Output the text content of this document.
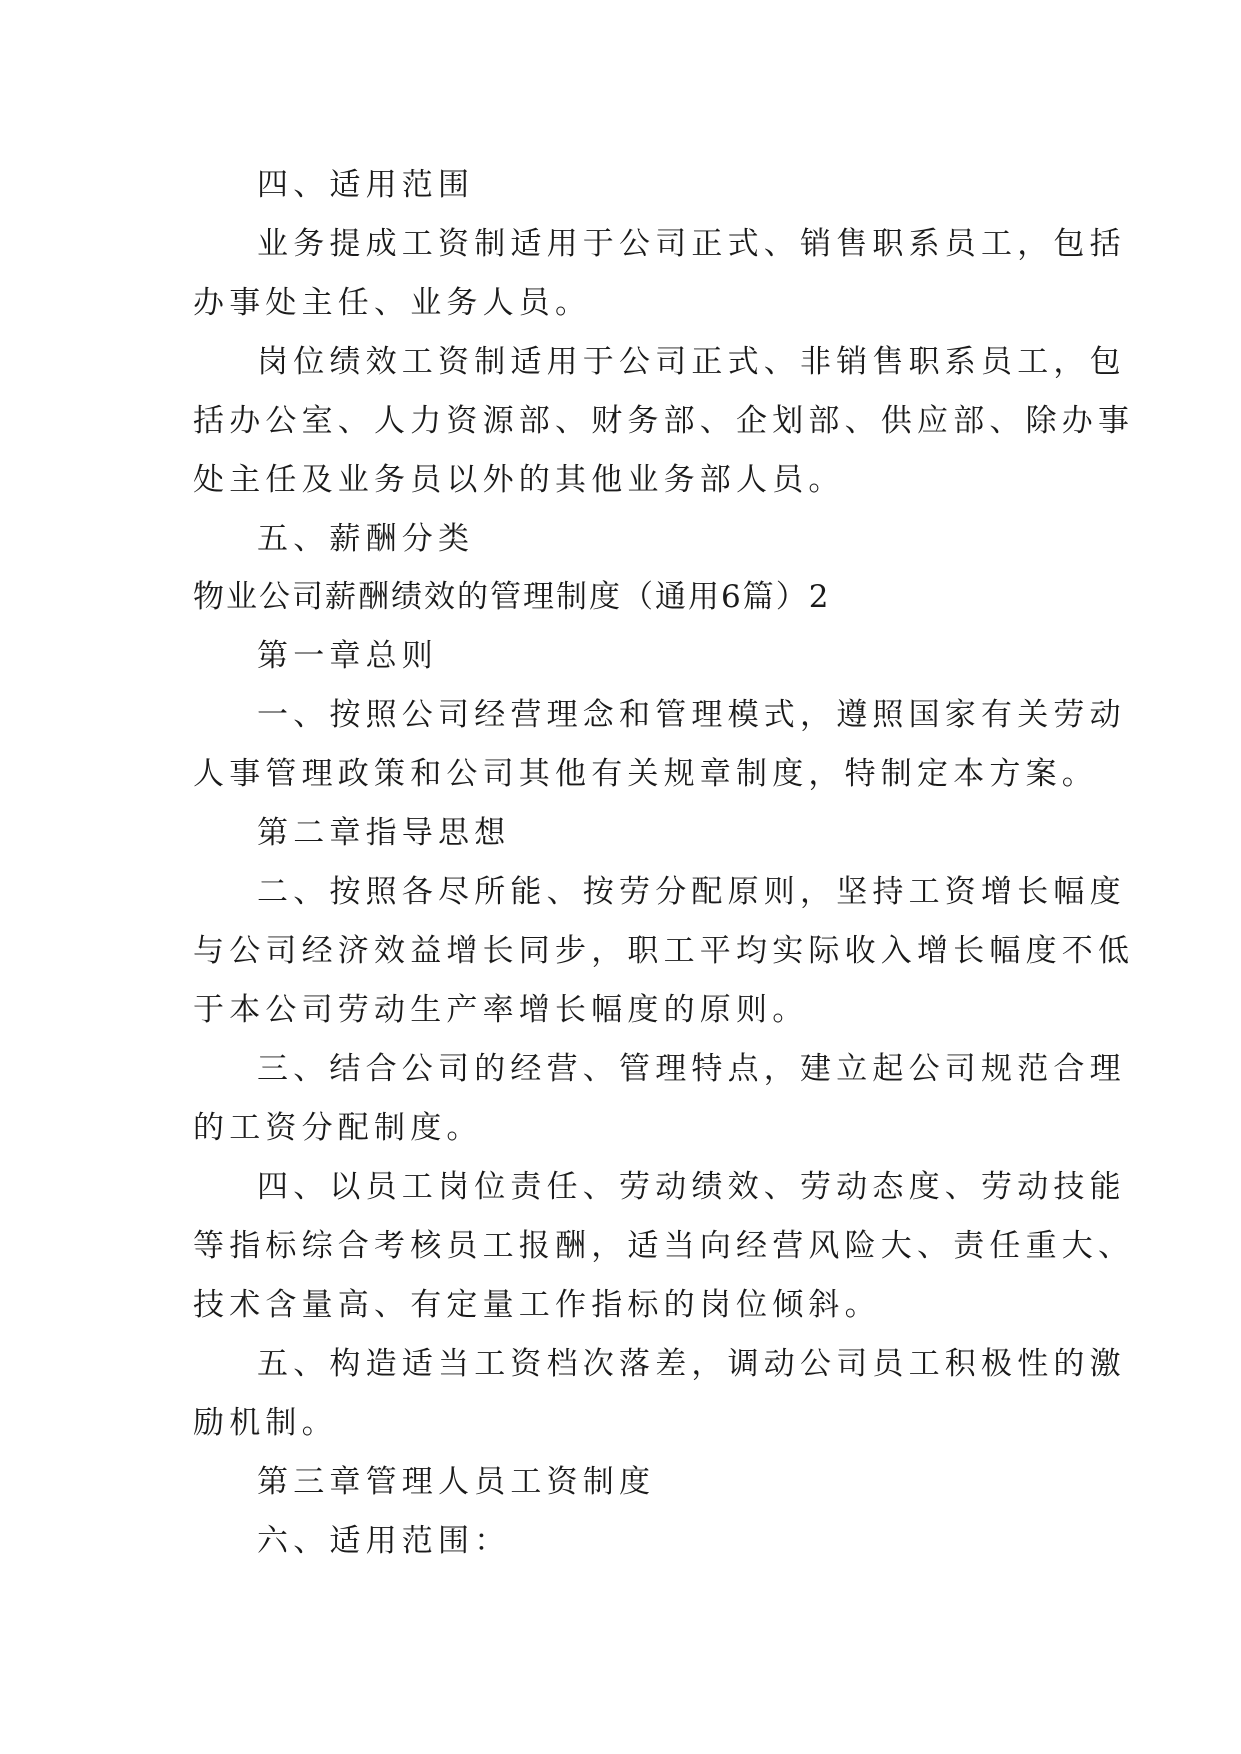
四、适用范围
业务提成工资制适用于公司正式、销售职系员工，包括
办事处主任、业务人员。
岗位绩效工资制适用于公司正式、非销售职系员工，包
括办公室、人力资源部、财务部、企划部、供应部、除办事
处主任及业务员以外的其他业务部人员。
五、薪酬分类
物业公司薪酬绩效的管理制度（通用6篇）2
第一章总则
一、按照公司经营理念和管理模式，遵照国家有关劳动
人事管理政策和公司其他有关规章制度，特制定本方案。
第二章指导思想
二、按照各尽所能、按劳分配原则，坚持工资增长幅度
与公司经济效益增长同步，职工平均实际收入增长幅度不低
于本公司劳动生产率增长幅度的原则。
三、结合公司的经营、管理特点，建立起公司规范合理
的工资分配制度。
四、以员工岗位责任、劳动绩效、劳动态度、劳动技能
等指标综合考核员工报酬，适当向经营风险大、责任重大、
技术含量高、有定量工作指标的岗位倾斜。
五、构造适当工资档次落差，调动公司员工积极性的激
励机制。
第三章管理人员工资制度
六、适用范围：
